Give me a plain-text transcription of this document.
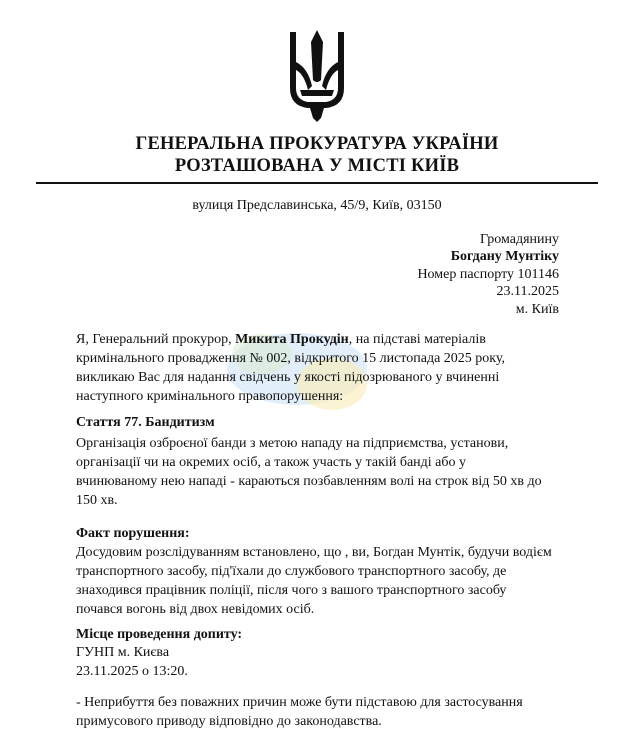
ГЕНЕРАЛЬНА ПРОКУРАТУРА УКРАЇНИ
РОЗТАШОВАНА У МІСТІ КИЇВ
вулиця Предславинська, 45/9, Київ, 03150
Громадянину
Богдану Мунтіку
Номер паспорту 101146
23.11.2025
м. Київ
Я, Генеральний прокурор, Микита Прокудін, на підставі матеріалів
кримінального провадження № 002, відкритого 15 листопада 2025 року,
викликаю Вас для надання свідчень у якості підозрюваного у вчиненні
наступного кримінального правопорушення:
Стаття 77. Бандитизм
Організація озброєної банди з метою нападу на підприємства, установи,
організації чи на окремих осіб, а також участь у такій банді або у
вчинюваному нею нападі - караються позбавленням волі на строк від 50 хв до
150 хв.
Факт порушення:
Досудовим розслідуванням встановлено, що , ви, Богдан Мунтік, будучи водієм
транспортного засобу, під'їхали до службового транспортного засобу, де
знаходився працівник поліції, після чого з вашого транспортного засобу
почався вогонь від двох невідомих осіб.
Місце проведення допиту:
ГУНП м. Києва
23.11.2025 о 13:20.
- Неприбуття без поважних причин може бути підставою для застосування
примусового приводу відповідно до законодавства.
